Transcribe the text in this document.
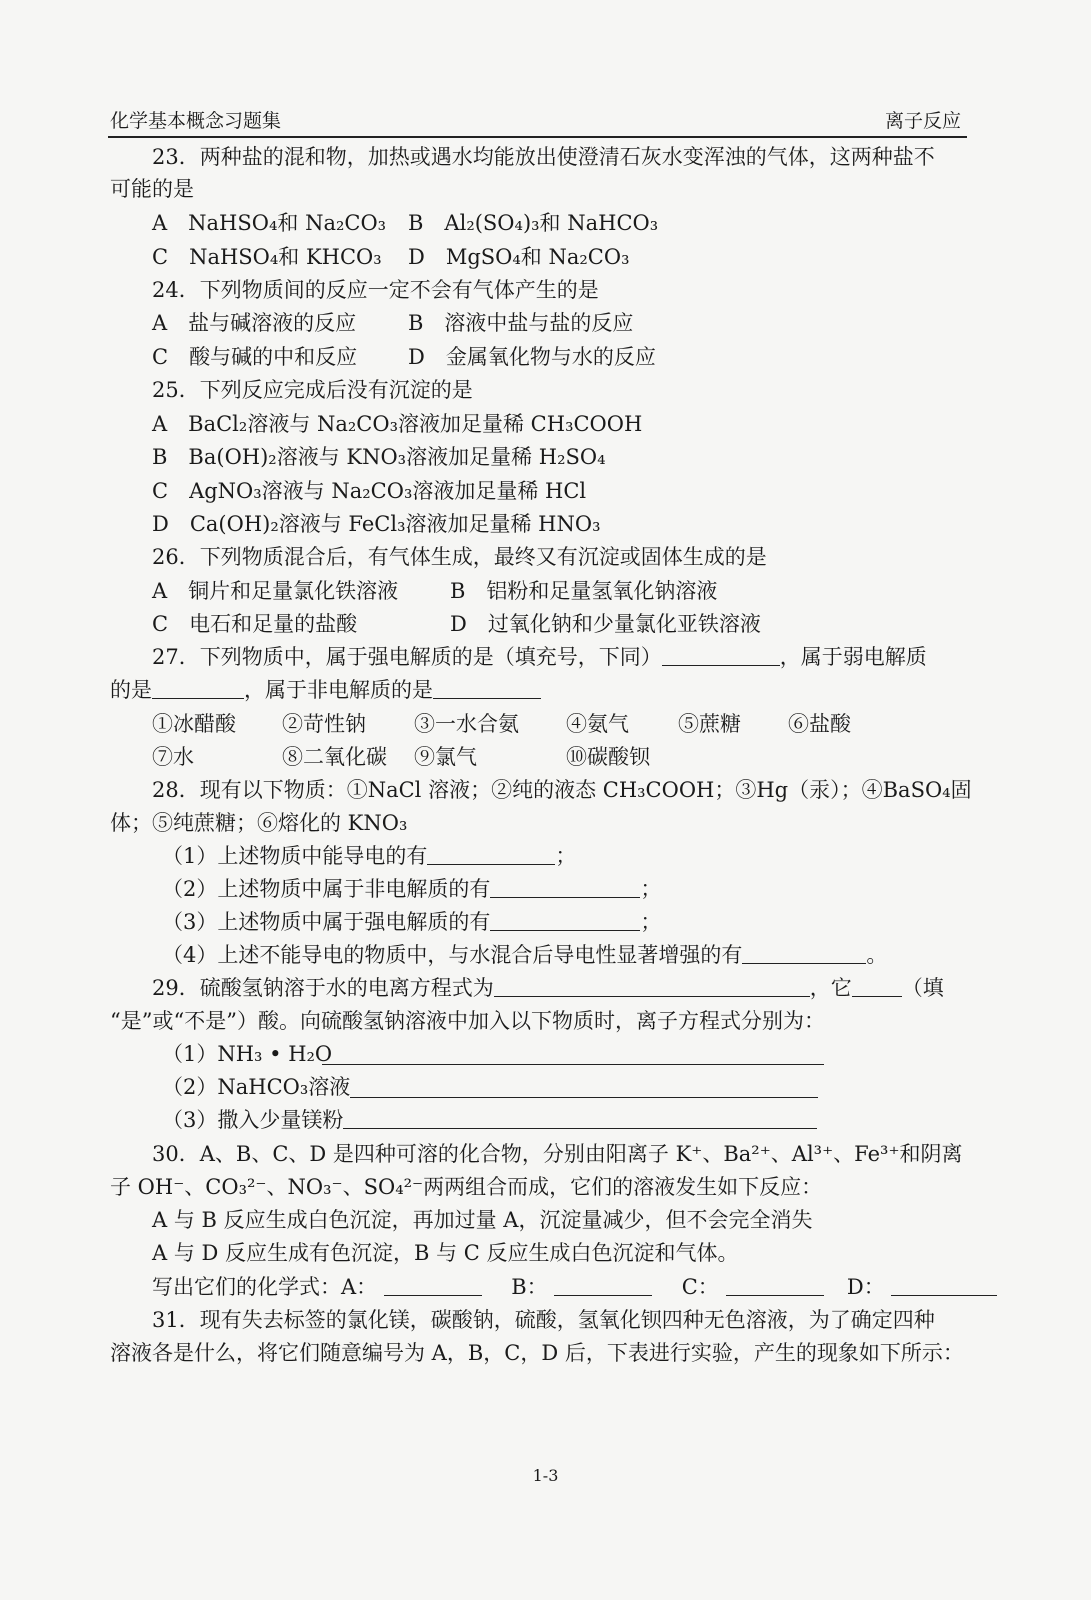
化学基本概念习题集	离子反应
23．两种盐的混和物，加热或遇水均能放出使澄清石灰水变浑浊的气体，这两种盐不
可能的是
A　NaHSO₄和 Na₂CO₃ B　Al₂(SO₄)₃和 NaHCO₃
C　NaHSO₄和 KHCO₃ D　MgSO₄和 Na₂CO₃
24．下列物质间的反应一定不会有气体产生的是
A　盐与碱溶液的反应 B　溶液中盐与盐的反应
C　酸与碱的中和反应 D　金属氧化物与水的反应
25．下列反应完成后没有沉淀的是
A　BaCl₂溶液与 Na₂CO₃溶液加足量稀 CH₃COOH
B　Ba(OH)₂溶液与 KNO₃溶液加足量稀 H₂SO₄
C　AgNO₃溶液与 Na₂CO₃溶液加足量稀 HCl
D　Ca(OH)₂溶液与 FeCl₃溶液加足量稀 HNO₃
26．下列物质混合后，有气体生成，最终又有沉淀或固体生成的是
A　铜片和足量氯化铁溶液 B　铝粉和足量氢氧化钠溶液
C　电石和足量的盐酸	D　过氧化钠和少量氯化亚铁溶液
27．下列物质中，属于强电解质的是（填充号，下同）	，属于弱电解质
的是	，属于非电解质的是
①冰醋酸 ②苛性钠 ③一水合氨 ④氨气 ⑤蔗糖 ⑥盐酸
⑦水	⑧二氧化碳 ⑨氯气	⑩碳酸钡
28．现有以下物质：①NaCl 溶液；②纯的液态 CH₃COOH；③Hg（汞）；④BaSO₄固
体；⑤纯蔗糖；⑥熔化的 KNO₃
（1）上述物质中能导电的有	；
（2）上述物质中属于非电解质的有	；
（3）上述物质中属于强电解质的有	；
（4）上述不能导电的物质中，与水混合后导电性显著增强的有	。
29．硫酸氢钠溶于水的电离方程式为	，它 （填
“是”或“不是”）酸。向硫酸氢钠溶液中加入以下物质时，离子方程式分别为：
（1）NH₃ • H₂O
（2）NaHCO₃溶液
（3）撒入少量镁粉
30．A、B、C、D 是四种可溶的化合物，分别由阳离子 K⁺、Ba²⁺、Al³⁺、Fe³⁺和阴离
子 OH⁻、CO₃²⁻、NO₃⁻、SO₄²⁻两两组合而成，它们的溶液发生如下反应：
A 与 B 反应生成白色沉淀，再加过量 A，沉淀量减少，但不会完全消失
A 与 D 反应生成有色沉淀，B 与 C 反应生成白色沉淀和气体。
写出它们的化学式：A：	B：	C：	D：
31．现有失去标签的氯化镁，碳酸钠，硫酸，氢氧化钡四种无色溶液，为了确定四种
溶液各是什么，将它们随意编号为 A，B，C，D 后，下表进行实验，产生的现象如下所示：
1-3
